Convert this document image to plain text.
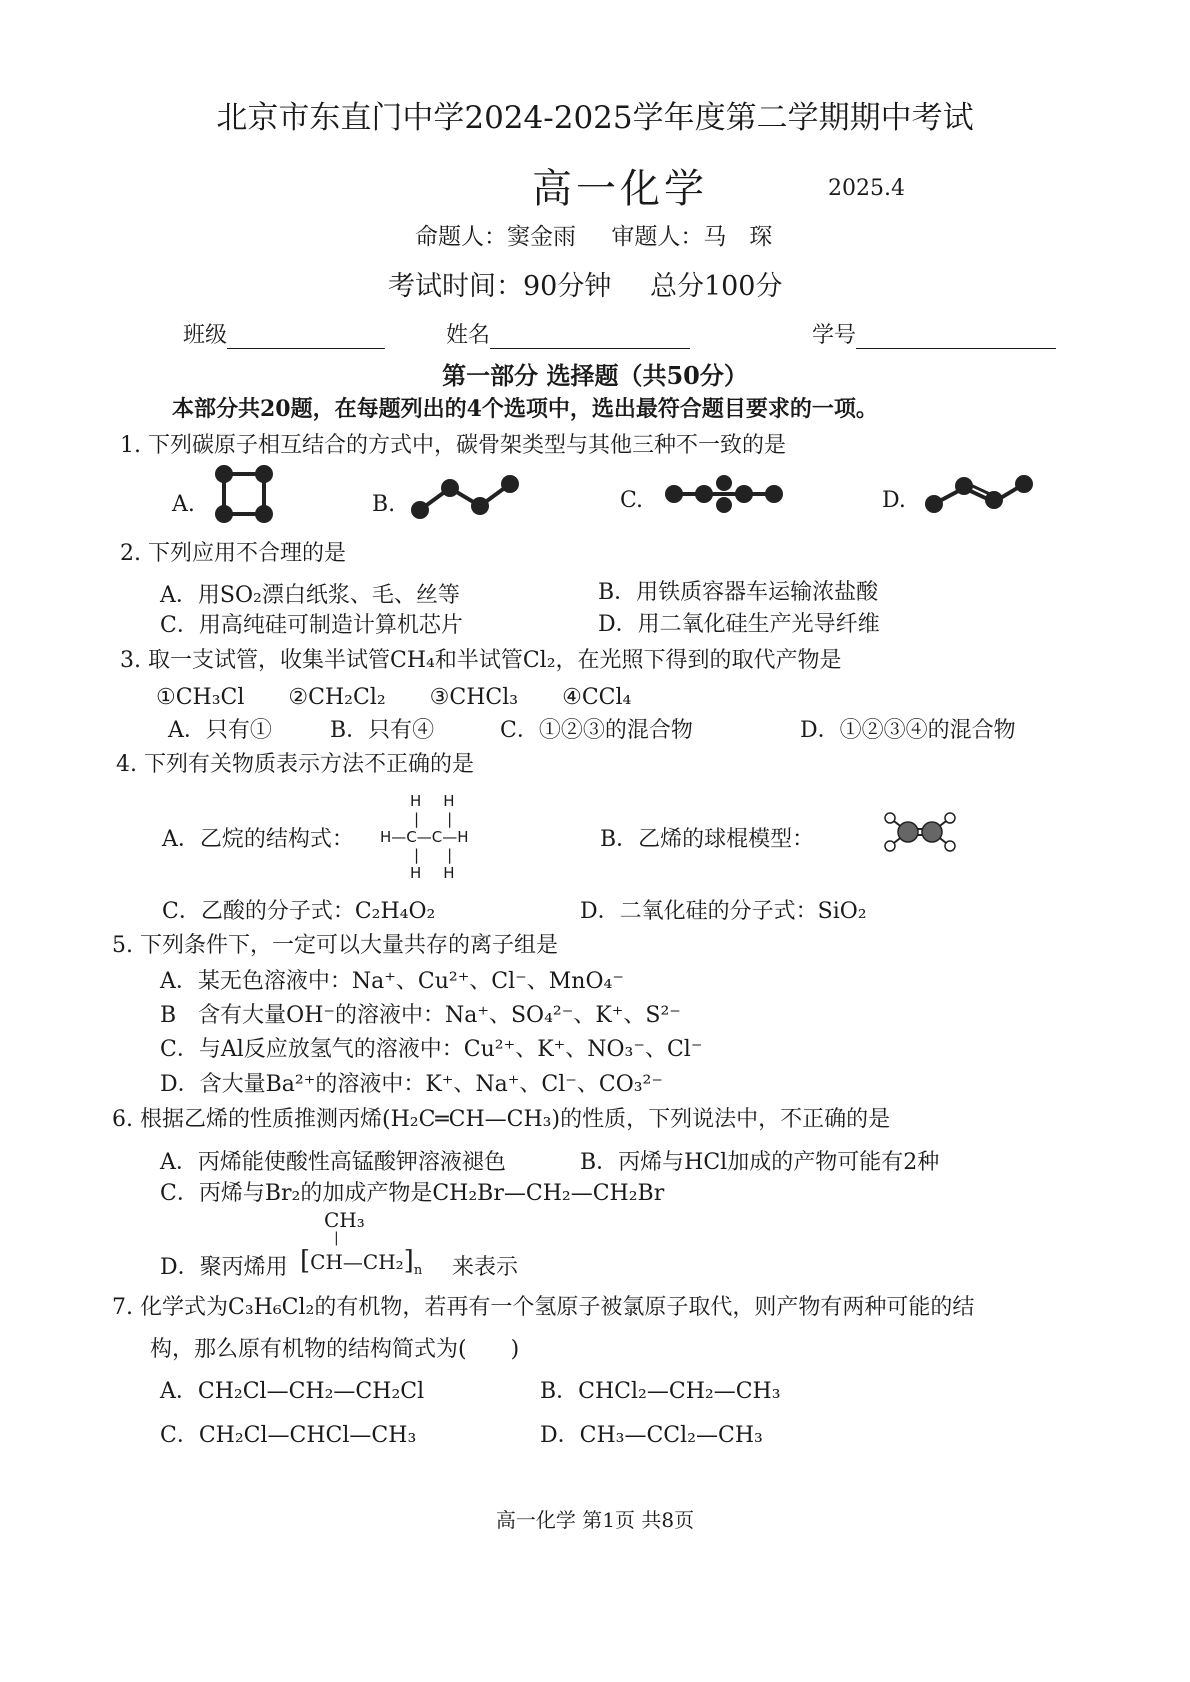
北京市东直门中学2024-2025学年度第二学期期中考试
高一化学	2025.4
命题人：窦金雨 审题人：马　琛
考试时间：90分钟 总分100分
班级	姓名	学号
第一部分 选择题（共50分）
本部分共20题，在每题列出的4个选项中，选出最符合题目要求的一项。
1. 下列碳原子相互结合的方式中，碳骨架类型与其他三种不一致的是
A.	B.	C.	D.
2. 下列应用不合理的是
A．用SO₂漂白纸浆、毛、丝等	B．用铁质容器车运输浓盐酸
C．用高纯硅可制造计算机芯片	D．用二氧化硅生产光导纤维
3. 取一支试管，收集半试管CH₄和半试管Cl₂，在光照下得到的取代产物是
①CH₃Cl　　②CH₂Cl₂　　③CHCl₃　　④CCl₄
A．只有①	B．只有④	C．①②③的混合物	D．①②③④的混合物
4. 下列有关物质表示方法不正确的是
A．乙烷的结构式：
H H
| |
H—C—C—H
| |
H H
B．乙烯的球棍模型：
C．乙酸的分子式：C₂H₄O₂	D．二氧化硅的分子式：SiO₂
5. 下列条件下，一定可以大量共存的离子组是
A．某无色溶液中：Na⁺、Cu²⁺、Cl⁻、MnO₄⁻
B　含有大量OH⁻的溶液中：Na⁺、SO₄²⁻、K⁺、S²⁻
C．与Al反应放氢气的溶液中：Cu²⁺、K⁺、NO₃⁻、Cl⁻
D．含大量Ba²⁺的溶液中：K⁺、Na⁺、Cl⁻、CO₃²⁻
6. 根据乙烯的性质推测丙烯(H₂C═CH—CH₃)的性质，下列说法中，不正确的是
A．丙烯能使酸性高锰酸钾溶液褪色	B．丙烯与HCl加成的产物可能有2种
C．丙烯与Br₂的加成产物是CH₂Br—CH₂—CH₂Br
D．聚丙烯用
CH₃
|
$[CH—CH_2]_n$ 来表示
7. 化学式为C₃H₆Cl₂的有机物，若再有一个氢原子被氯原子取代，则产物有两种可能的结
构，那么原有机物的结构简式为(　　)
A．CH₂Cl—CH₂—CH₂Cl	B．CHCl₂—CH₂—CH₃
C．CH₂Cl—CHCl—CH₃	D．CH₃—CCl₂—CH₃
高一化学 第1页 共8页
